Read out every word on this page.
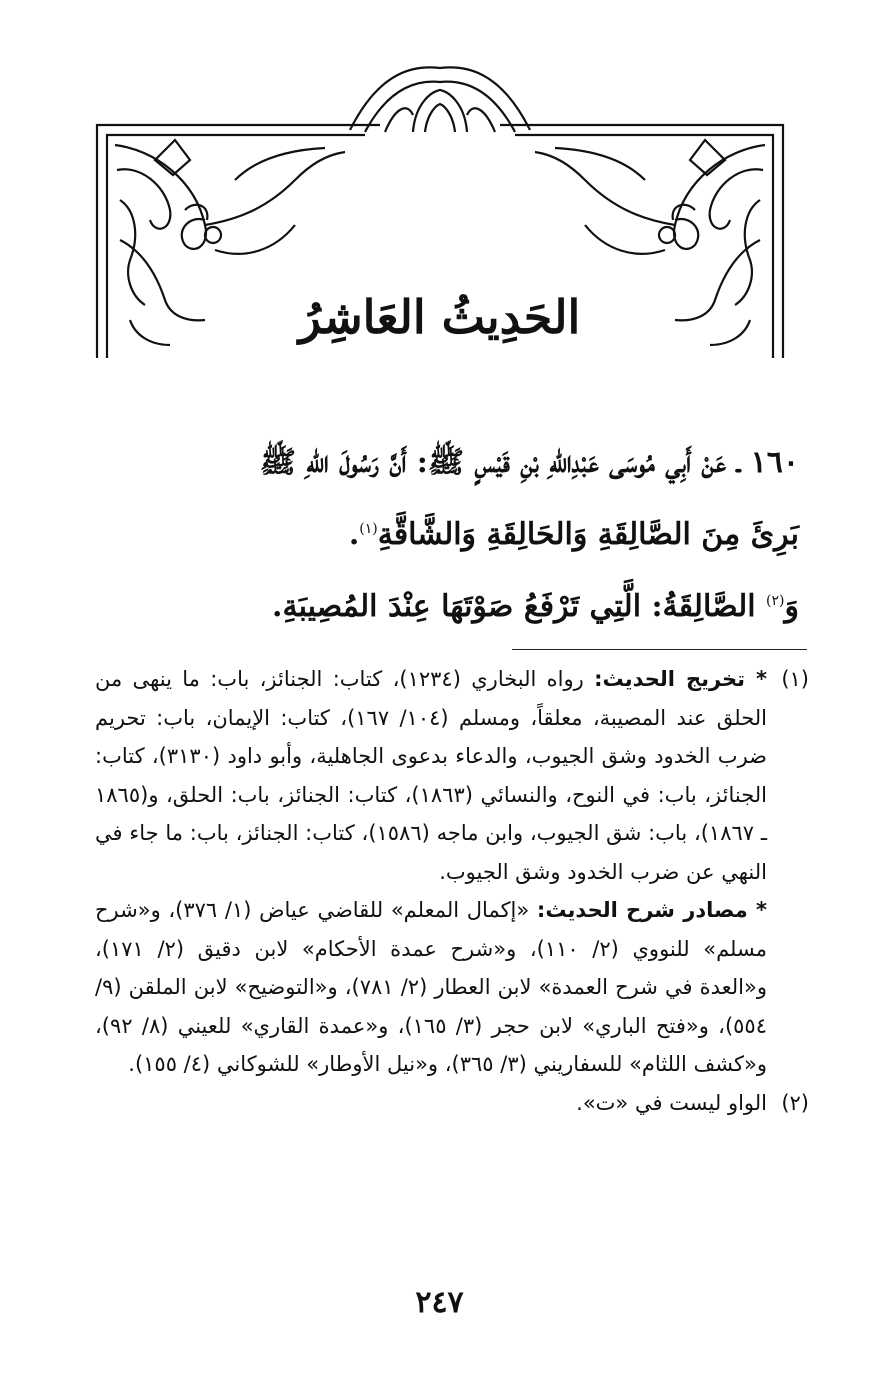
الحَدِيثُ العَاشِرُ

١٦٠ ـ عَنْ أَبِي مُوسَى عَبْدِاللهِ بْنِ قَيْسٍ ﷺ: أَنَّ رَسُولَ اللهِ ﷺ

بَرِئَ مِنَ الصَّالِقَةِ وَالحَالِقَةِ وَالشَّاقَّةِ$^{(١)}$.

وَ$^{(٢)}$ الصَّالِقَةُ: الَّتِي تَرْفَعُ صَوْتَهَا عِنْدَ المُصِيبَةِ.

(١)

* تخريج الحديث: رواه البخاري (١٢٣٤)، كتاب: الجنائز، باب: ما ينهى من الحلق عند المصيبة، معلقاً، ومسلم (١٠٤/ ١٦٧)، كتاب: الإيمان، باب: تحريم ضرب الخدود وشق الجيوب، والدعاء بدعوى الجاهلية، وأبو داود (٣١٣٠)، كتاب: الجنائز، باب: في النوح، والنسائي (١٨٦٣)، كتاب: الجنائز، باب: الحلق، و(١٨٦٥ ـ ١٨٦٧)، باب: شق الجيوب، وابن ماجه (١٥٨٦)، كتاب: الجنائز، باب: ما جاء في النهي عن ضرب الخدود وشق الجيوب.

* مصادر شرح الحديث: «إكمال المعلم» للقاضي عياض (١/ ٣٧٦)، و«شرح مسلم» للنووي (٢/ ١١٠)، و«شرح عمدة الأحكام» لابن دقيق (٢/ ١٧١)، و«العدة في شرح العمدة» لابن العطار (٢/ ٧٨١)، و«التوضيح» لابن الملقن (٩/ ٥٥٤)، و«فتح الباري» لابن حجر (٣/ ١٦٥)، و«عمدة القاري» للعيني (٨/ ٩٢)، و«كشف اللثام» للسفاريني (٣/ ٣٦٥)، و«نيل الأوطار» للشوكاني (٤/ ١٥٥).

(٢)

الواو ليست في «ت».

٢٤٧
